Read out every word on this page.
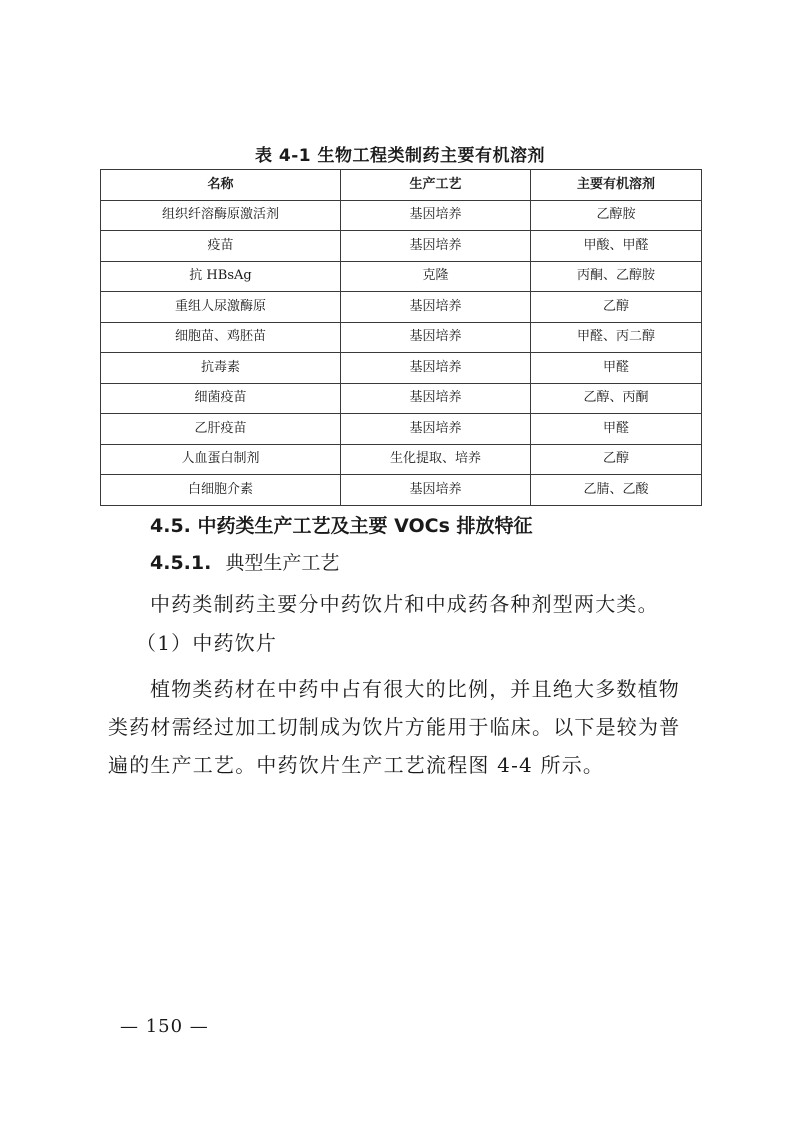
表 4-1 生物工程类制药主要有机溶剂
名称	生产工艺	主要有机溶剂
组织纤溶酶原激活剂	基因培养	乙醇胺
疫苗	基因培养	甲酸、甲醛
抗 HBsAg	克隆	丙酮、乙醇胺
重组人尿激酶原	基因培养	乙醇
细胞苗、鸡胚苗	基因培养	甲醛、丙二醇
抗毒素	基因培养	甲醛
细菌疫苗	基因培养	乙醇、丙酮
乙肝疫苗	基因培养	甲醛
人血蛋白制剂	生化提取、培养	乙醇
白细胞介素	基因培养	乙腈、乙酸
4.5. 中药类生产工艺及主要 VOCs 排放特征
4.5.1. 典型生产工艺
中药类制药主要分中药饮片和中成药各种剂型两大类。
（1）中药饮片
植物类药材在中药中占有很大的比例，并且绝大多数植物类药材需经过加工切制成为饮片方能用于临床。以下是较为普遍的生产工艺。中药饮片生产工艺流程图 4-4 所示。
— 150 —
